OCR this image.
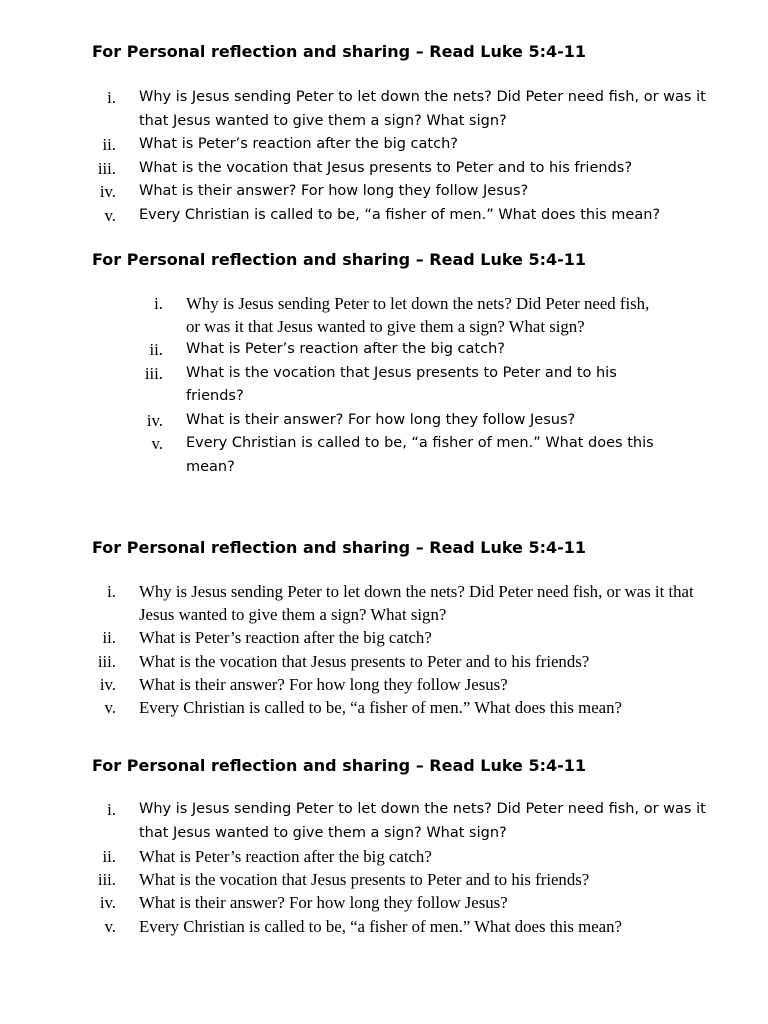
For Personal reflection and sharing – Read Luke 5:4-11
i. Why is Jesus sending Peter to let down the nets? Did Peter need fish, or was it that Jesus wanted to give them a sign? What sign?
ii. What is Peter’s reaction after the big catch?
iii. What is the vocation that Jesus presents to Peter and to his friends?
iv. What is their answer? For how long they follow Jesus?
v. Every Christian is called to be, “a fisher of men.” What does this mean?
For Personal reflection and sharing – Read Luke 5:4-11
i. Why is Jesus sending Peter to let down the nets? Did Peter need fish, or was it that Jesus wanted to give them a sign? What sign?
ii. What is Peter’s reaction after the big catch?
iii. What is the vocation that Jesus presents to Peter and to his friends?
iv. What is their answer? For how long they follow Jesus?
v. Every Christian is called to be, “a fisher of men.” What does this mean?
For Personal reflection and sharing – Read Luke 5:4-11
i. Why is Jesus sending Peter to let down the nets? Did Peter need fish, or was it that Jesus wanted to give them a sign? What sign?
ii. What is Peter’s reaction after the big catch?
iii. What is the vocation that Jesus presents to Peter and to his friends?
iv. What is their answer? For how long they follow Jesus?
v. Every Christian is called to be, “a fisher of men.” What does this mean?
For Personal reflection and sharing – Read Luke 5:4-11
i. Why is Jesus sending Peter to let down the nets? Did Peter need fish, or was it that Jesus wanted to give them a sign? What sign?
ii. What is Peter’s reaction after the big catch?
iii. What is the vocation that Jesus presents to Peter and to his friends?
iv. What is their answer? For how long they follow Jesus?
v. Every Christian is called to be, “a fisher of men.” What does this mean?
